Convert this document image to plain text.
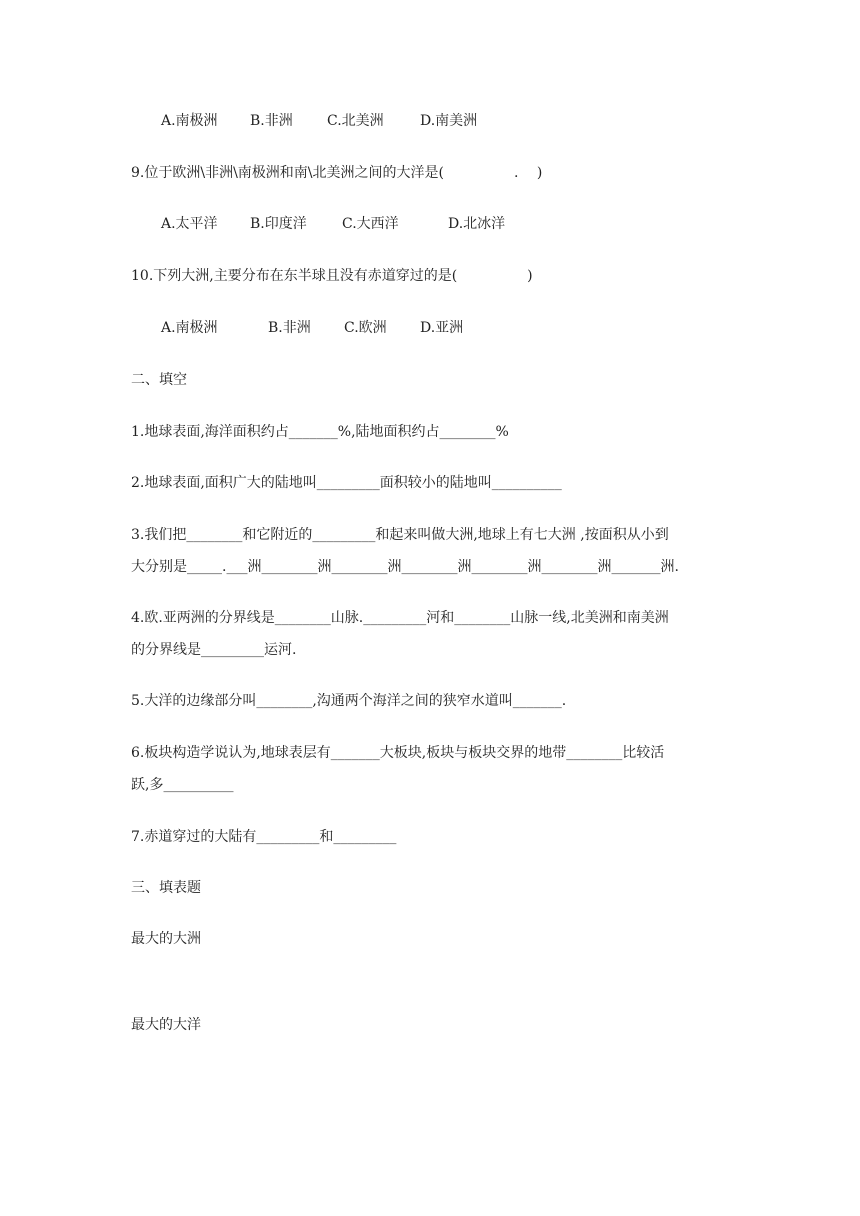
A.南极洲 B.非洲 C.北美洲	D.南美洲
9.位于欧洲\非洲\南极洲和南\北美洲之间的大洋是(　　　　　.　 )
A.太平洋 B.印度洋	C.大西洋	D.北冰洋
10.下列大洲,主要分布在东半球且没有赤道穿过的是(　　　　　)
A.南极洲	B.非洲 C.欧洲 D.亚洲
二、填空
1.地球表面,海洋面积约占_______%,陆地面积约占________%
2.地球表面,面积广大的陆地叫_________面积较小的陆地叫__________
3.我们把________和它附近的_________和起来叫做大洲,地球上有七大洲 ,按面积从小到
大分别是_____.___洲________洲________洲________洲________洲________洲_______洲.
4.欧.亚两洲的分界线是________山脉._________河和________山脉一线,北美洲和南美洲
的分界线是_________运河.
5.大洋的边缘部分叫________,沟通两个海洋之间的狭窄水道叫_______.
6.板块构造学说认为,地球表层有_______大板块,板块与板块交界的地带________比较活
跃,多__________
7.赤道穿过的大陆有_________和_________
三、填表题
最大的大洲
最大的大洋
